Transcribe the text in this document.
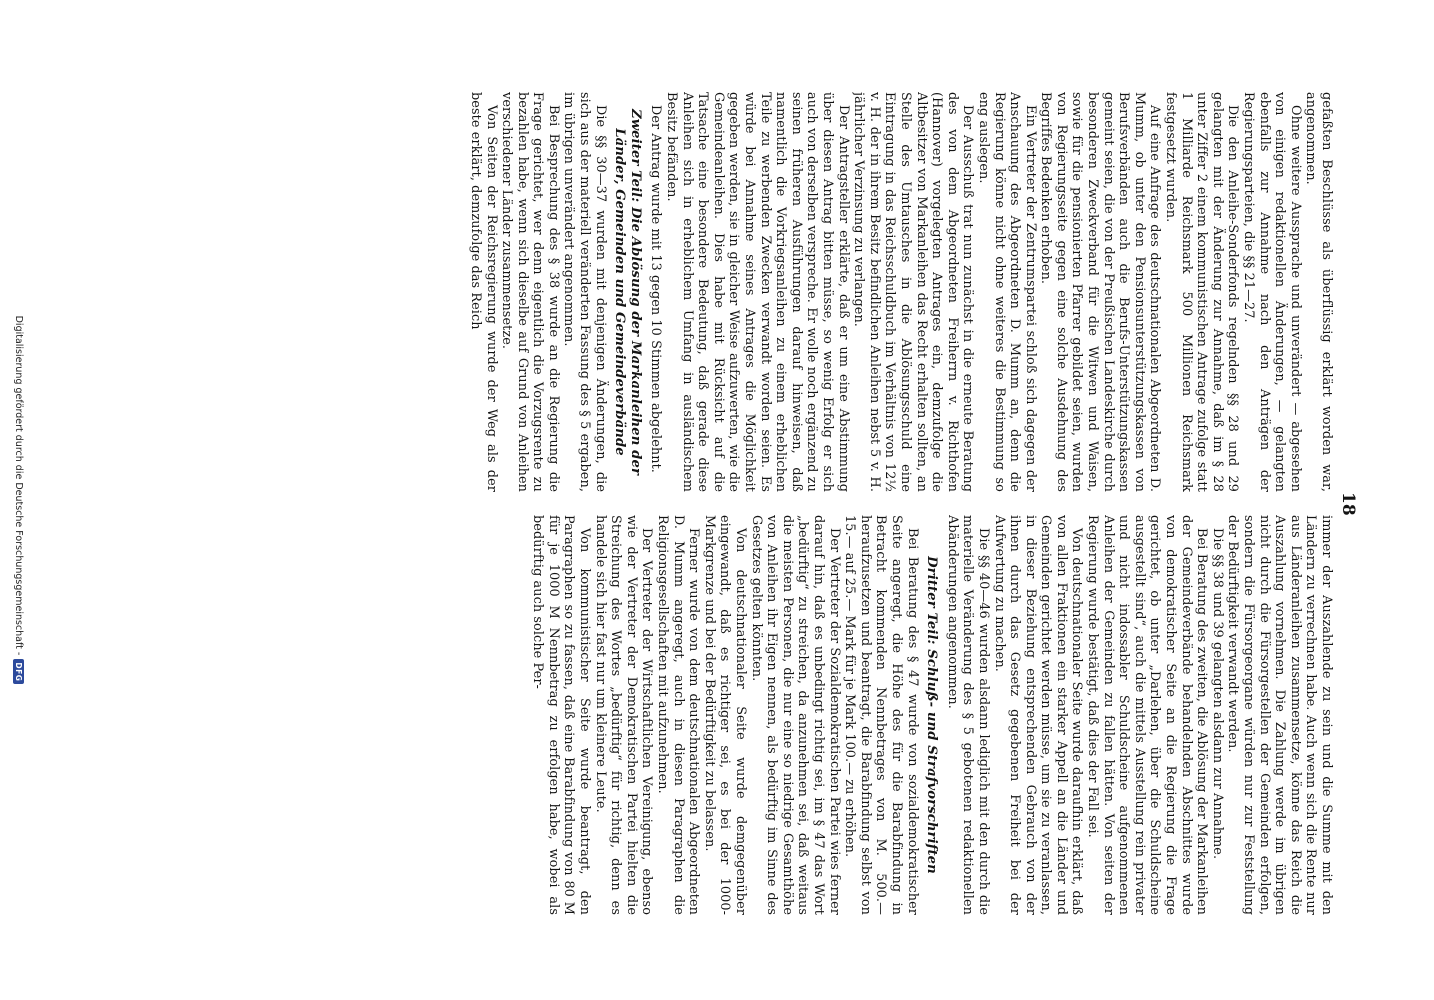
18

gefaßten Beschlüsse als überflüssig erklärt worden war, angenommen.

Ohne weitere Aussprache und unverändert — abgesehen von einigen redaktionellen Änderungen, — gelangten ebenfalls zur Annahme nach den Anträgen der Regierungsparteien, die §§ 21—27.

Die den Anleihe-Sonderfonds regelnden §§ 28 und 29 gelangten mit der Änderung zur Annahme, daß im § 28 unter Ziffer 2 einem kommunistischen Antrage zufolge statt 1 Milliarde Reichsmark 500 Millionen Reichsmark festgesetzt wurden.

Auf eine Anfrage des deutschnationalen Abgeordneten D. Mumm, ob unter den Pensionsunterstützungskassen von Berufsverbänden auch die Berufs-Unterstützungskassen gemeint seien, die von der Preußischen Landeskirche durch besonderen Zweckverband für die Witwen und Waisen, sowie für die pensionierten Pfarrer gebildet seien, wurden von Regierungsseite gegen eine solche Ausdehnung des Begriffes Bedenken erhoben.

Ein Vertreter der Zentrumspartei schloß sich dagegen der Anschauung des Abgeordneten D. Mumm an, denn die Regierung könne nicht ohne weiteres die Bestimmung so eng auslegen.

Der Ausschuß trat nun zunächst in die erneute Beratung des von dem Abgeordneten Freiherrn v. Richthofen (Hannover) vorgelegten Antrages ein, demzufolge die Altbesitzer von Markanleihen das Recht erhalten sollten, an Stelle des Umtausches in die Ablösungsschuld eine Eintragung in das Reichsschuldbuch im Verhältnis von 12½ v. H. der in ihrem Besitz befindlichen Anleihen nebst 5 v. H. jährlicher Verzinsung zu verlangen.

Der Antragsteller erklärte, daß er um eine Abstimmung über diesen Antrag bitten müsse, so wenig Erfolg er sich auch von derselben verspreche. Er wolle noch ergänzend zu seinen früheren Ausführungen darauf hinweisen, daß namentlich die Vorkriegsanleihen zu einem erheblichen Teile zu werbenden Zwecken verwandt worden seien. Es würde bei Annahme seines Antrages die Möglichkeit gegeben werden, sie in gleicher Weise aufzuwerten, wie die Gemeindeanleihen. Dies habe mit Rücksicht auf die Tatsache eine besondere Bedeutung, daß gerade diese Anleihen sich in erheblichem Umfang in ausländischem Besitz befänden.

Der Antrag wurde mit 13 gegen 10 Stimmen abgelehnt.

Zweiter Teil: Die Ablösung der Markanleihen der Länder, Gemeinden und Gemeindeverbände

Die §§ 30—37 wurden mit denjenigen Änderungen, die sich aus der materiell veränderten Fassung des § 5 ergaben, im übrigen unverändert angenommen.

Bei Besprechung des § 38 wurde an die Regierung die Frage gerichtet, wer denn eigentlich die Vorzugsrente zu bezahlen habe, wenn sich dieselbe auf Grund von Anleihen verschiedener Länder zusammensetze.

Von Seiten der Reichsregierung wurde der Weg als der beste erklärt, demzufolge das Reich

immer der Auszahlende zu sein und die Summe mit den Ländern zu verrechnen habe. Auch wenn sich die Rente nur aus Länderanleihen zusammensetze, könne das Reich die Auszahlung vornehmen. Die Zahlung werde im übrigen nicht durch die Fürsorgestellen der Gemeinden erfolgen, sondern die Fürsorgeorgane würden nur zur Feststellung der Bedürftigkeit verwandt werden.

Die §§ 38 und 39 gelangten alsdann zur Annahme.

Bei Beratung des zweiten, die Ablösung der Markanleihen der Gemeindeverbände behandelnden Abschnittes wurde von demokratischer Seite an die Regierung die Frage gerichtet, ob unter „Darlehen, über die Schuldscheine ausgestellt sind“, auch die mittels Ausstellung rein privater und nicht indossabler Schuldscheine aufgenommenen Anleihen der Gemeinden zu fallen hätten. Von seiten der Regierung wurde bestätigt, daß dies der Fall sei.

Von deutschnationaler Seite wurde daraufhin erklärt, daß von allen Fraktionen ein starker Appell an die Länder und Gemeinden gerichtet werden müsse, um sie zu veranlassen, in dieser Beziehung entsprechenden Gebrauch von der ihnen durch das Gesetz gegebenen Freiheit bei der Aufwertung zu machen.

Die §§ 40—46 wurden alsdann lediglich mit den durch die materielle Veränderung des § 5 gebotenen redaktionellen Abänderungen angenommen.

Dritter Teil: Schluß- und Strafvorschriften

Bei Beratung des § 47 wurde von sozialdemokratischer Seite angeregt, die Höhe des für die Barabfindung in Betracht kommenden Nennbetrages von M. 500.— heraufzusetzen und beantragt, die Barabfindung selbst von 15.— auf 25.— Mark für je Mark 100.— zu erhöhen.

Der Vertreter der Sozialdemokratischen Partei wies ferner darauf hin, daß es unbedingt richtig sei, im § 47 das Wort „bedürftig“ zu streichen, da anzunehmen sei, daß weitaus die meisten Personen, die nur eine so niedrige Gesamthöhe von Anleihen ihr Eigen nennen, als bedürftig im Sinne des Gesetzes gelten könnten.

Von deutschnationaler Seite wurde demgegenüber eingewandt, daß es richtiger sei, es bei der 1000-Markgrenze und bei der Bedürftigkeit zu belassen.

Ferner wurde von dem deutschnationalen Abgeordneten D. Mumm angeregt, auch in diesen Paragraphen die Religionsgesellschaften mit aufzunehmen.

Der Vertreter der Wirtschaftlichen Vereinigung, ebenso wie der Vertreter der Demokratischen Partei hielten die Streichung des Wortes „bedürftig“ für richtig, denn es handele sich hier fast nur um kleinere Leute.

Von kommunistischer Seite wurde beantragt, den Paragraphen so zu fassen, daß eine Barabfindung von 80 M für je 1000 M Nennbetrag zu erfolgen habe, wobei als bedürftig auch solche Per-

Digitalisierung gefördert durch die Deutsche Forschungsgemeinschaft -
DFG
